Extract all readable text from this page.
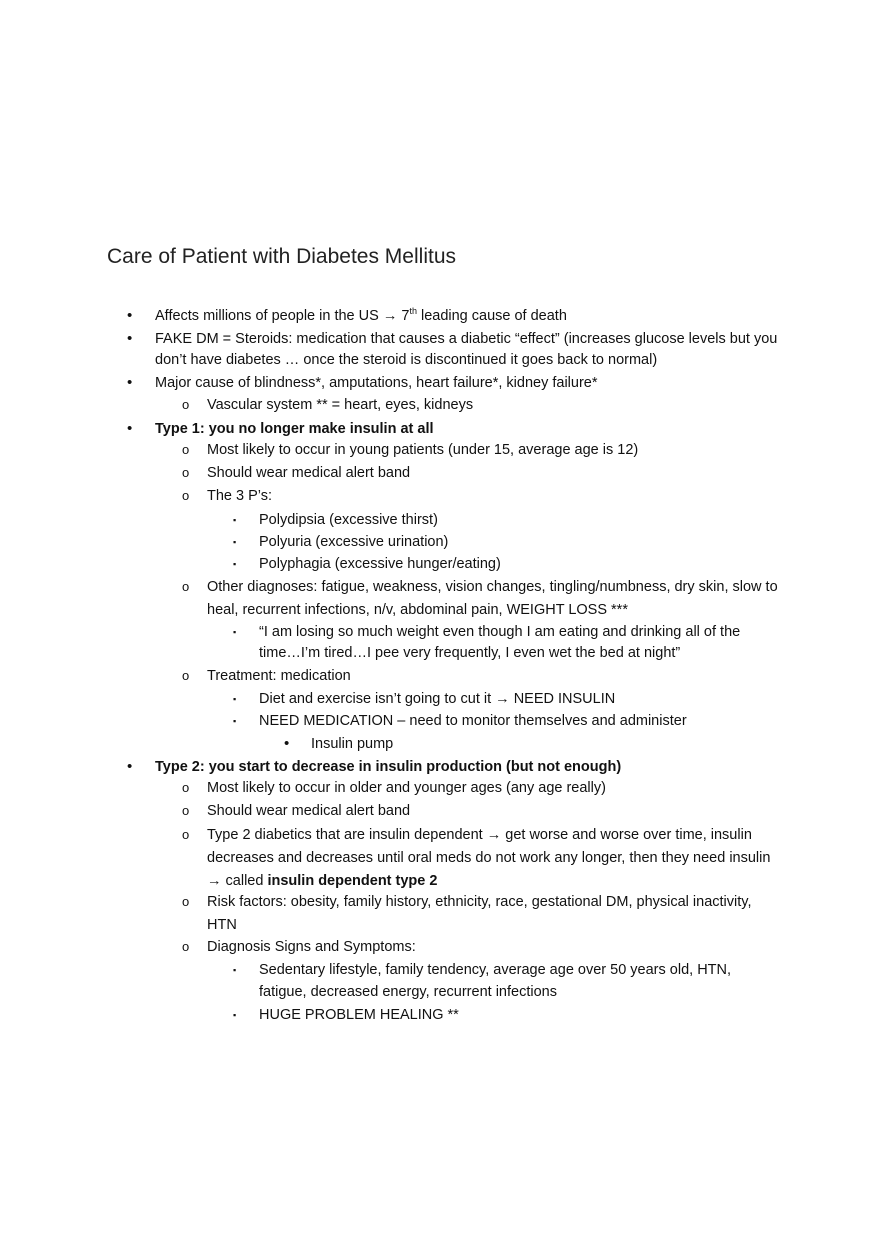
Care of Patient with Diabetes Mellitus
• Affects millions of people in the US → 7th leading cause of death
• FAKE DM = Steroids: medication that causes a diabetic “effect” (increases glucose levels but you
don’t have diabetes … once the steroid is discontinued it goes back to normal)
• Major cause of blindness*, amputations, heart failure*, kidney failure*
o Vascular system ** = heart, eyes, kidneys
• Type 1: you no longer make insulin at all
o Most likely to occur in young patients (under 15, average age is 12)
o Should wear medical alert band
o The 3 P’s:
▪ Polydipsia (excessive thirst)
▪ Polyuria (excessive urination)
▪ Polyphagia (excessive hunger/eating)
o Other diagnoses: fatigue, weakness, vision changes, tingling/numbness, dry skin, slow to
heal, recurrent infections, n/v, abdominal pain, WEIGHT LOSS ***
▪ “I am losing so much weight even though I am eating and drinking all of the
time…I’m tired…I pee very frequently, I even wet the bed at night”
o Treatment: medication
▪ Diet and exercise isn’t going to cut it → NEED INSULIN
▪ NEED MEDICATION – need to monitor themselves and administer
• Insulin pump
• Type 2: you start to decrease in insulin production (but not enough)
o Most likely to occur in older and younger ages (any age really)
o Should wear medical alert band
o Type 2 diabetics that are insulin dependent → get worse and worse over time, insulin
decreases and decreases until oral meds do not work any longer, then they need insulin
→ called insulin dependent type 2
o Risk factors: obesity, family history, ethnicity, race, gestational DM, physical inactivity,
HTN
o Diagnosis Signs and Symptoms:
▪ Sedentary lifestyle, family tendency, average age over 50 years old, HTN,
fatigue, decreased energy, recurrent infections
▪ HUGE PROBLEM HEALING **
